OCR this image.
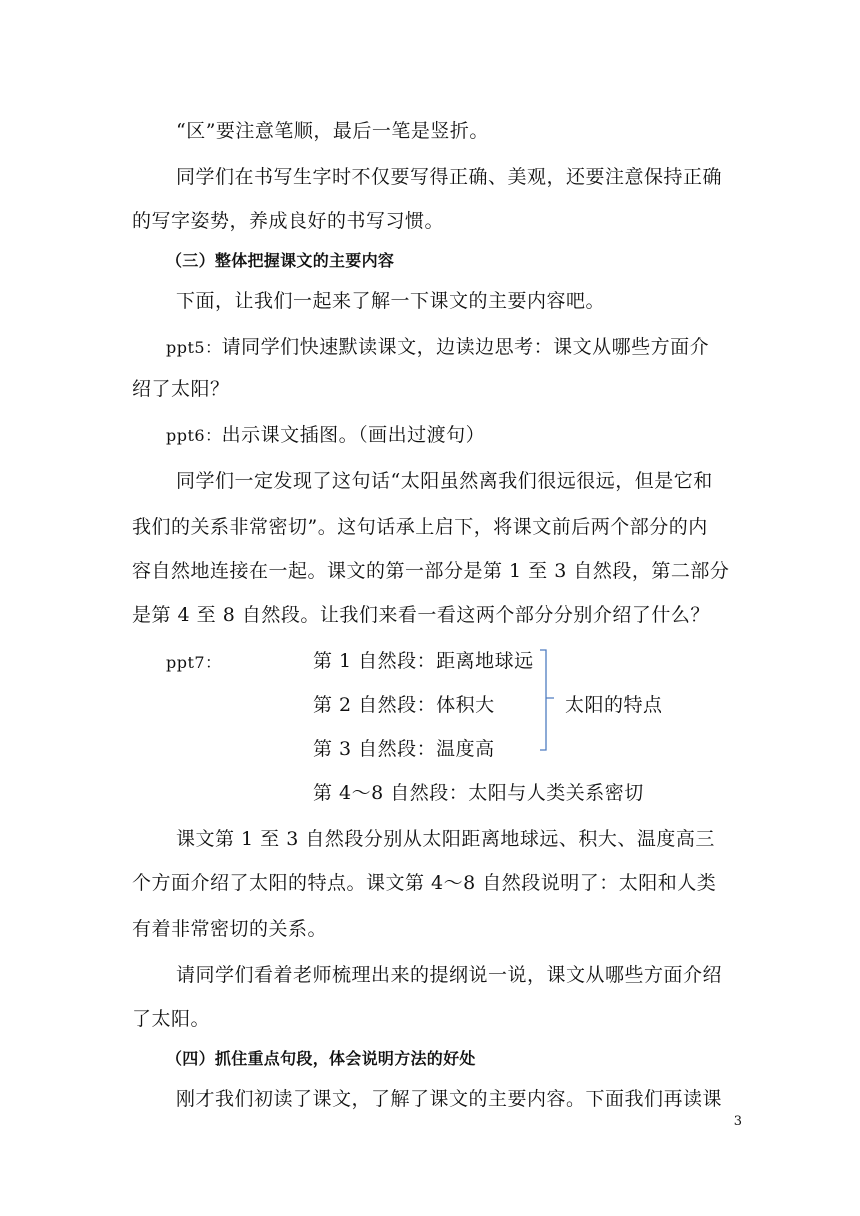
“区”要注意笔顺，最后一笔是竖折。
同学们在书写生字时不仅要写得正确、美观，还要注意保持正确
的写字姿势，养成良好的书写习惯。
（三）整体把握课文的主要内容
下面，让我们一起来了解一下课文的主要内容吧。
ppt5：请同学们快速默读课文，边读边思考：课文从哪些方面介
绍了太阳？
ppt6：出示课文插图。（画出过渡句）
同学们一定发现了这句话“太阳虽然离我们很远很远，但是它和
我们的关系非常密切”。这句话承上启下，将课文前后两个部分的内
容自然地连接在一起。课文的第一部分是第 1 至 3 自然段，第二部分
是第 4 至 8 自然段。让我们来看一看这两个部分分别介绍了什么？
ppt7：	第 1 自然段：距离地球远
第 2 自然段：体积大
第 3 自然段：温度高
第 4～8 自然段：太阳与人类关系密切
太阳的特点
课文第 1 至 3 自然段分别从太阳距离地球远、积大、温度高三
个方面介绍了太阳的特点。课文第 4～8 自然段说明了：太阳和人类
有着非常密切的关系。
请同学们看着老师梳理出来的提纲说一说，课文从哪些方面介绍
了太阳。
（四）抓住重点句段，体会说明方法的好处
刚才我们初读了课文，了解了课文的主要内容。下面我们再读课
3
